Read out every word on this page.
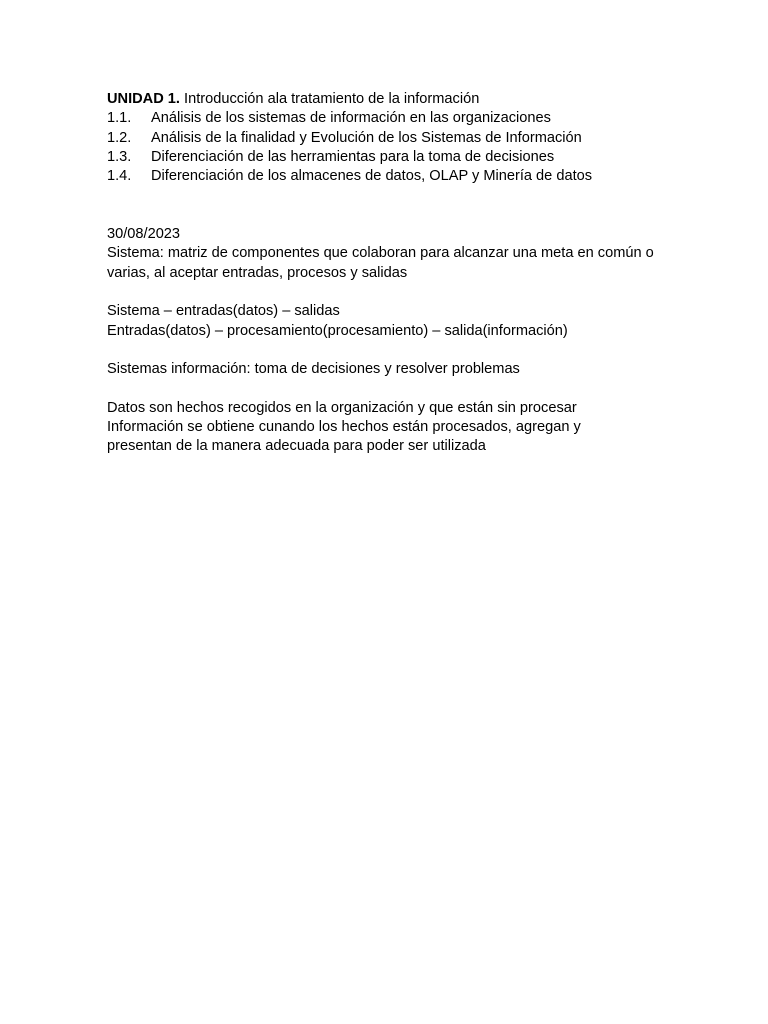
UNIDAD 1. Introducción ala tratamiento de la información

1.1.	Análisis de los sistemas de información en las organizaciones
1.2.	Análisis de la finalidad y Evolución de los Sistemas de Información
1.3.	Diferenciación de las herramientas para la toma de decisiones
1.4.	Diferenciación de los almacenes de datos, OLAP y Minería de datos

30/08/2023

Sistema: matriz de componentes que colaboran para alcanzar una meta en común o varias, al aceptar entradas, procesos y salidas

Sistema – entradas(datos) – salidas

Entradas(datos) – procesamiento(procesamiento) – salida(información)

Sistemas información: toma de decisiones y resolver problemas

Datos son hechos recogidos en la organización y que están sin procesar

Información se obtiene cunando los hechos están procesados, agregan y presentan de la manera adecuada para poder ser utilizada
